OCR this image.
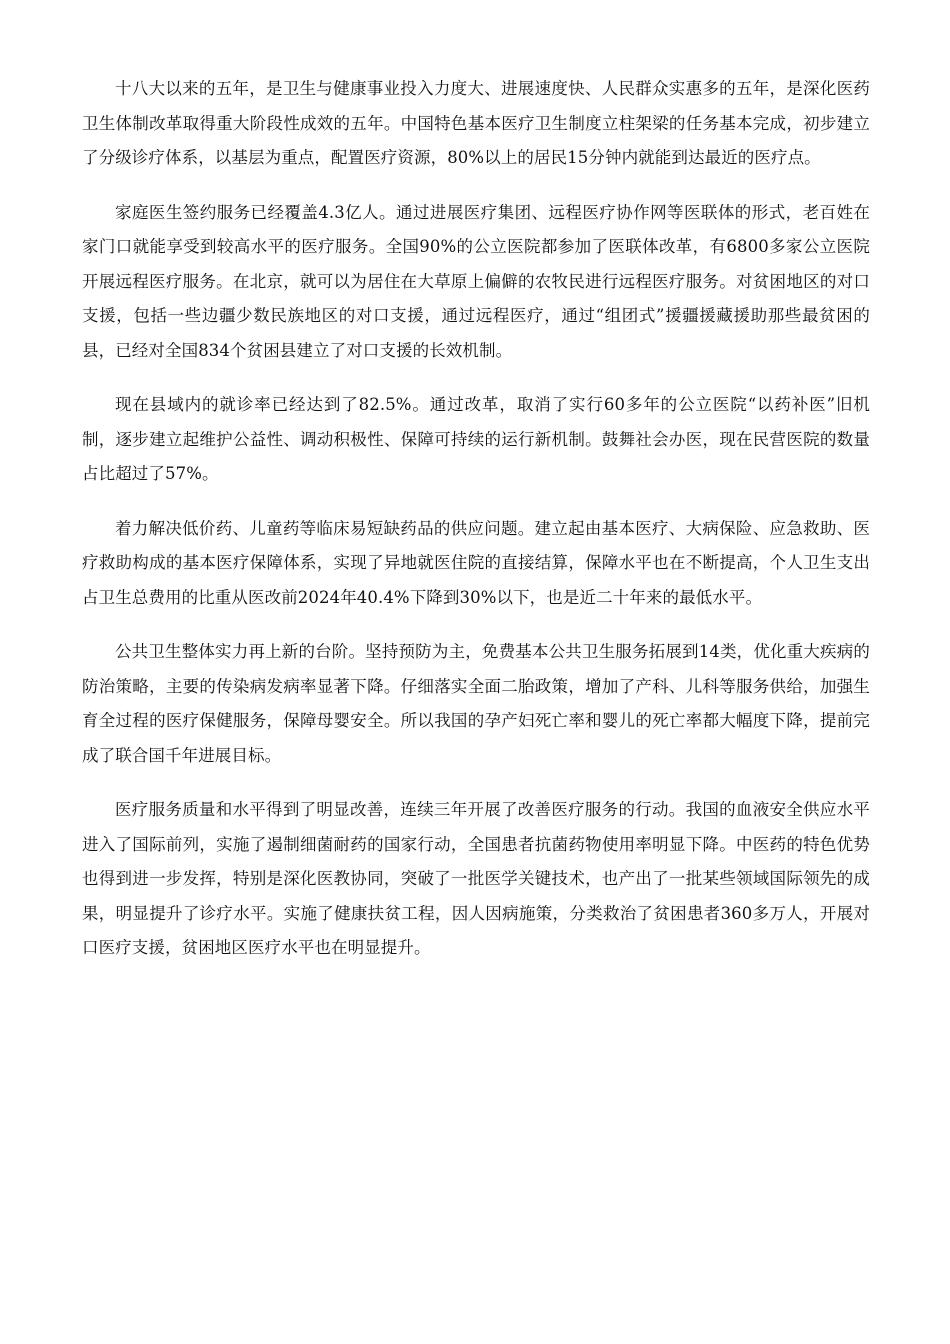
十八大以来的五年，是卫生与健康事业投入力度大、进展速度快、人民群众实惠多的五年，是深化医药卫生体制改革取得重大阶段性成效的五年。中国特色基本医疗卫生制度立柱架梁的任务基本完成，初步建立了分级诊疗体系，以基层为重点，配置医疗资源，80%以上的居民15分钟内就能到达最近的医疗点。

家庭医生签约服务已经覆盖4.3亿人。通过进展医疗集团、远程医疗协作网等医联体的形式，老百姓在家门口就能享受到较高水平的医疗服务。全国90%的公立医院都参加了医联体改革，有6800多家公立医院开展远程医疗服务。在北京，就可以为居住在大草原上偏僻的农牧民进行远程医疗服务。对贫困地区的对口支援，包括一些边疆少数民族地区的对口支援，通过远程医疗，通过“组团式”援疆援藏援助那些最贫困的县，已经对全国834个贫困县建立了对口支援的长效机制。

现在县域内的就诊率已经达到了82.5%。通过改革，取消了实行60多年的公立医院“以药补医”旧机制，逐步建立起维护公益性、调动积极性、保障可持续的运行新机制。鼓舞社会办医，现在民营医院的数量占比超过了57%。

着力解决低价药、儿童药等临床易短缺药品的供应问题。建立起由基本医疗、大病保险、应急救助、医疗救助构成的基本医疗保障体系，实现了异地就医住院的直接结算，保障水平也在不断提高，个人卫生支出占卫生总费用的比重从医改前2024年40.4%下降到30%以下，也是近二十年来的最低水平。

公共卫生整体实力再上新的台阶。坚持预防为主，免费基本公共卫生服务拓展到14类，优化重大疾病的防治策略，主要的传染病发病率显著下降。仔细落实全面二胎政策，增加了产科、儿科等服务供给，加强生育全过程的医疗保健服务，保障母婴安全。所以我国的孕产妇死亡率和婴儿的死亡率都大幅度下降，提前完成了联合国千年进展目标。

医疗服务质量和水平得到了明显改善，连续三年开展了改善医疗服务的行动。我国的血液安全供应水平进入了国际前列，实施了遏制细菌耐药的国家行动，全国患者抗菌药物使用率明显下降。中医药的特色优势也得到进一步发挥，特别是深化医教协同，突破了一批医学关键技术，也产出了一批某些领域国际领先的成果，明显提升了诊疗水平。实施了健康扶贫工程，因人因病施策，分类救治了贫困患者360多万人，开展对口医疗支援，贫困地区医疗水平也在明显提升。
